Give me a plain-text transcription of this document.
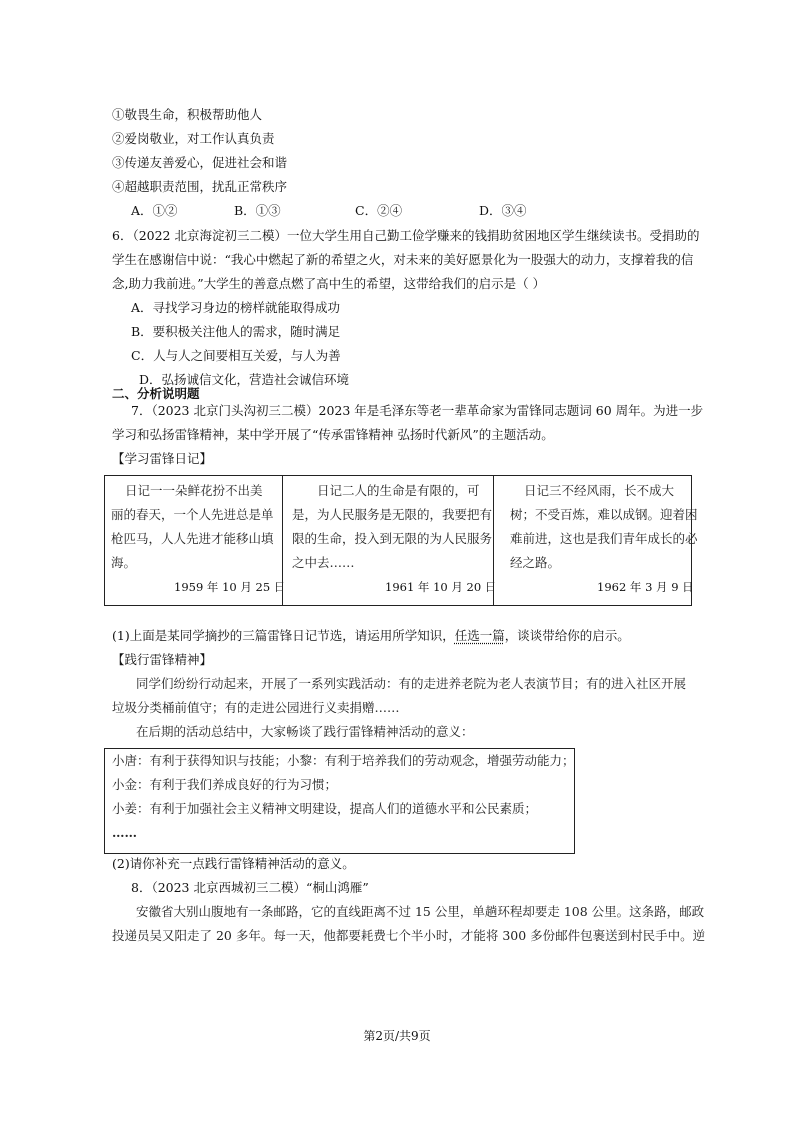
①敬畏生命，积极帮助他人
②爱岗敬业，对工作认真负责
③传递友善爱心，促进社会和谐
④超越职责范围，扰乱正常秩序
A．①②	B．①③	C．②④	D．③④
6．（2022 北京海淀初三二模）一位大学生用自己勤工俭学赚来的钱捐助贫困地区学生继续读书。受捐助的
学生在感谢信中说：“我心中燃起了新的希望之火，对未来的美好愿景化为一股强大的动力，支撑着我的信
念,助力我前进。”大学生的善意点燃了高中生的希望，这带给我们的启示是（ ）
A．寻找学习身边的榜样就能取得成功
B．要积极关注他人的需求，随时满足
C．人与人之间要相互关爱，与人为善
D．弘扬诚信文化，营造社会诚信环境
二、分析说明题
7．（2023 北京门头沟初三二模）2023 年是毛泽东等老一辈革命家为雷锋同志题词 60 周年。为进一步
学习和弘扬雷锋精神，某中学开展了“传承雷锋精神 弘扬时代新风”的主题活动。
【学习雷锋日记】
日记一一朵鲜花扮不出美
丽的春天，一个人先进总是单
枪匹马，人人先进才能移山填
海。
1959 年 10 月 25 日
日记二人的生命是有限的，可
是，为人民服务是无限的，我要把有
限的生命，投入到无限的为人民服务
之中去……
1961 年 10 月 20 日
日记三不经风雨，长不成大
树；不受百炼，难以成钢。迎着困
难前进，这也是我们青年成长的必
经之路。
1962 年 3 月 9 日
(1)上面是某同学摘抄的三篇雷锋日记节选，请运用所学知识，任选一篇，谈谈带给你的启示。
【践行雷锋精神】
同学们纷纷行动起来，开展了一系列实践活动：有的走进养老院为老人表演节目；有的进入社区开展
垃圾分类桶前值守；有的走进公园进行义卖捐赠……
在后期的活动总结中，大家畅谈了践行雷锋精神活动的意义：
小唐：有利于获得知识与技能；小黎：有利于培养我们的劳动观念，增强劳动能力；
小金：有利于我们养成良好的行为习惯；
小姜：有利于加强社会主义精神文明建设，提高人们的道德水平和公民素质；
……
(2)请你补充一点践行雷锋精神活动的意义。
8．（2023 北京西城初三二模）“桐山鸿雁”
安徽省大别山腹地有一条邮路，它的直线距离不过 15 公里，单趟环程却要走 108 公里。这条路，邮政
投递员吴又阳走了 20 多年。每一天，他都要耗费七个半小时，才能将 300 多份邮件包裹送到村民手中。逆
第2页/共9页
